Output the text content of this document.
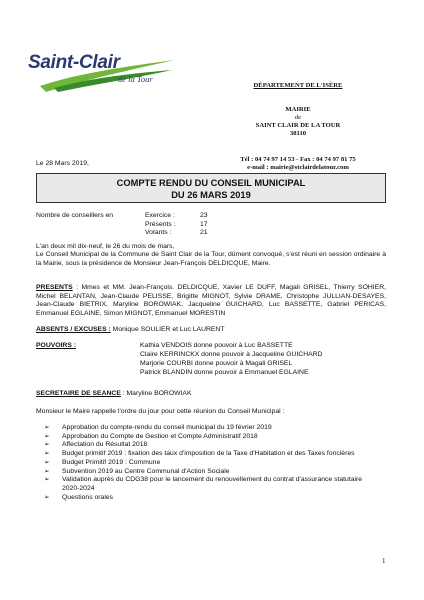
Saint-Clair
de la Tour
DÉPARTEMENT DE L'ISÈRE
MAIRIE
de
SAINT CLAIR DE LA TOUR
38110
Tél : 04 74 97 14 53 - Fax : 04 74 97 81 75
e-mail : mairie@stclairdelatour.com
Le 28 Mars 2019,
COMPTE RENDU DU CONSEIL MUNICIPAL
DU 26 MARS 2019
Nombre de conseillers en	Exercice :	23
Présents :	17
Votants :	21
L'an deux mil dix-neuf, le 26 du mois de mars,
Le Conseil Municipal de la Commune de Saint Clair de la Tour, dûment convoqué, s'est réuni en session ordinaire à la Mairie, sous la présidence de Monsieur Jean-François DELDICQUE, Maire.
PRESENTS : Mmes et MM. Jean-François. DELDICQUE, Xavier LE DUFF, Magali GRISEL, Thierry SOHIER, Michel BELANTAN, Jean-Claude PELISSE, Brigitte MIGNOT, Sylvie DRAME, Christophe JULLIAN-DESAYES, Jean-Claude BIETRIX, Maryline BOROWIAK, Jacqueline GUICHARD, Luc BASSETTE, Gabriel PERICAS, Emmanuel EGLAINE, Simon MIGNOT, Emmanuel MORESTIN
ABSENTS / EXCUSES : Monique SOULIER et Luc LAURENT
POUVOIRS :	Kathia VENDOIS donne pouvoir à Luc BASSETTE
Claire KERRINCKX donne pouvoir à Jacqueline GUICHARD
Marjorie COURBI donne pouvoir à Magali GRISEL
Patrick BLANDIN donne pouvoir à Emmanuel EGLAINE
SECRETAIRE DE SEANCE : Maryline BOROWIAK
Monsieur le Maire rappelle l'ordre du jour pour cette réunion du Conseil Municipal :
➢ Approbation du compte-rendu du conseil municipal du 19 février 2019
➢ Approbation du Compte de Gestion et Compte Administratif 2018
➢ Affectation du Résultat 2018
➢ Budget primitif 2019 : fixation des taux d'imposition de la Taxe d'Habitation et des Taxes foncières
➢ Budget Primitif 2019 : Commune
➢ Subvention 2019 au Centre Communal d'Action Sociale
➢ Validation auprès du CDG38 pour le lancement du renouvellement du contrat d'assurance statutaire 2020-2024
➢ Questions orales
1
